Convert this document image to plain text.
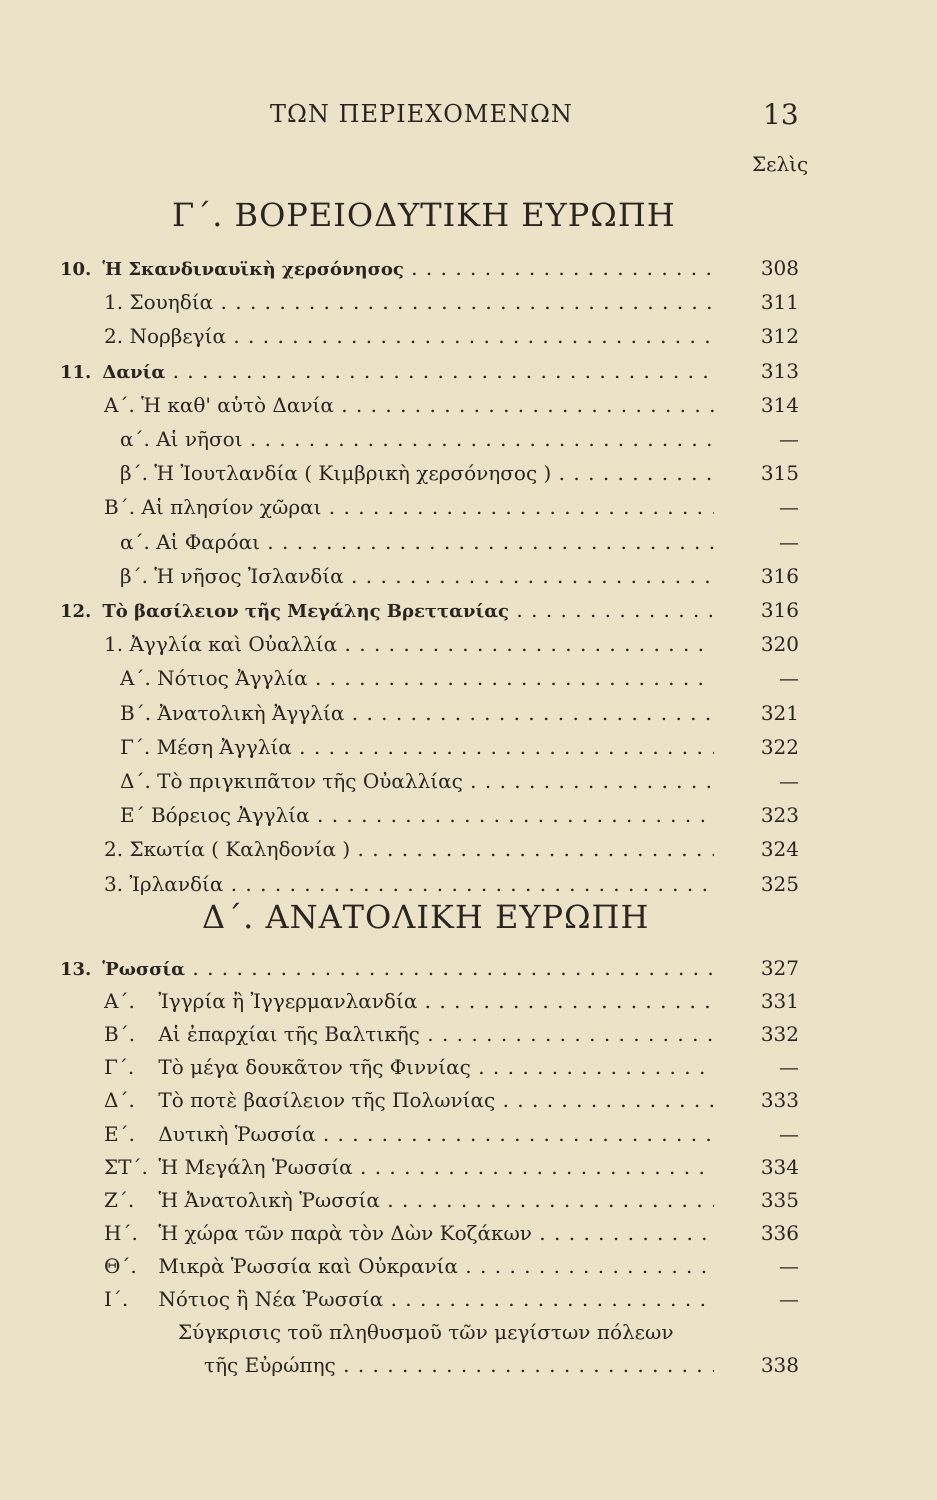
ΤΩΝ ΠΕΡΙΕΧΟΜΕΝΩΝ	13
Σελὶς
Γ΄. ΒΟΡΕΙΟΔΥΤΙΚΗ ΕΥΡΩΠΗ
10. Ἡ Σκανδιναυϊκὴ χερσόνησος . . .	308
1. Σουηδία . . .	311
2. Νορβεγία . . .	312
11. Δανία . . .	313
Α΄. Ἡ καθ' αὑτὸ Δανία . . .	314
α΄. Αἱ νῆσοι . . .	—
β΄. Ἡ Ἰουτλανδία ( Κιμβρικὴ χερσόνησος ) . . .	315
Β΄. Αἱ πλησίον χῶραι . . .	—
α΄. Αἱ Φαρόαι . . .	—
β΄. Ἡ νῆσος Ἰσλανδία . . .	316
12. Τὸ βασίλειον τῆς Μεγάλης Βρεττανίας . . .	316
1. Ἀγγλία καὶ Οὐαλλία . . .	320
Α΄. Νότιος Ἀγγλία . . .	—
Β΄. Ἀνατολικὴ Ἀγγλία . . .	321
Γ΄. Μέση Ἀγγλία . . .	322
Δ΄. Τὸ πριγκιπᾶτον τῆς Οὐαλλίας . . .	—
Ε΄ Βόρειος Ἀγγλία . . .	323
2. Σκωτία ( Καληδονία ) . . .	324
3. Ἰρλανδία . . .	325
Δ΄. ΑΝΑΤΟΛΙΚΗ ΕΥΡΩΠΗ
13. Ῥωσσία . . .	327
Α΄. Ἰγγρία ἢ Ἰγγερμανλανδία . . .	331
Β΄. Αἱ ἐπαρχίαι τῆς Βαλτικῆς . . .	332
Γ΄. Τὸ μέγα δουκᾶτον τῆς Φιννίας . . .	—
Δ΄. Τὸ ποτὲ βασίλειον τῆς Πολωνίας . . .	333
Ε΄. Δυτικὴ Ῥωσσία . . .	—
ΣΤ΄. Ἡ Μεγάλη Ῥωσσία . . .	334
Ζ΄. Ἡ Ἀνατολικὴ Ῥωσσία . . .	335
Η΄. Ἡ χώρα τῶν παρὰ τὸν Δὼν Κοζάκων . . .	336
Θ΄. Μικρὰ Ῥωσσία καὶ Οὐκρανία . . .	—
Ι΄. Νότιος ἢ Νέα Ῥωσσία . . .	—
Σύγκρισις τοῦ πληθυσμοῦ τῶν μεγίστων πόλεων
τῆς Εὐρώπης . . .	338
